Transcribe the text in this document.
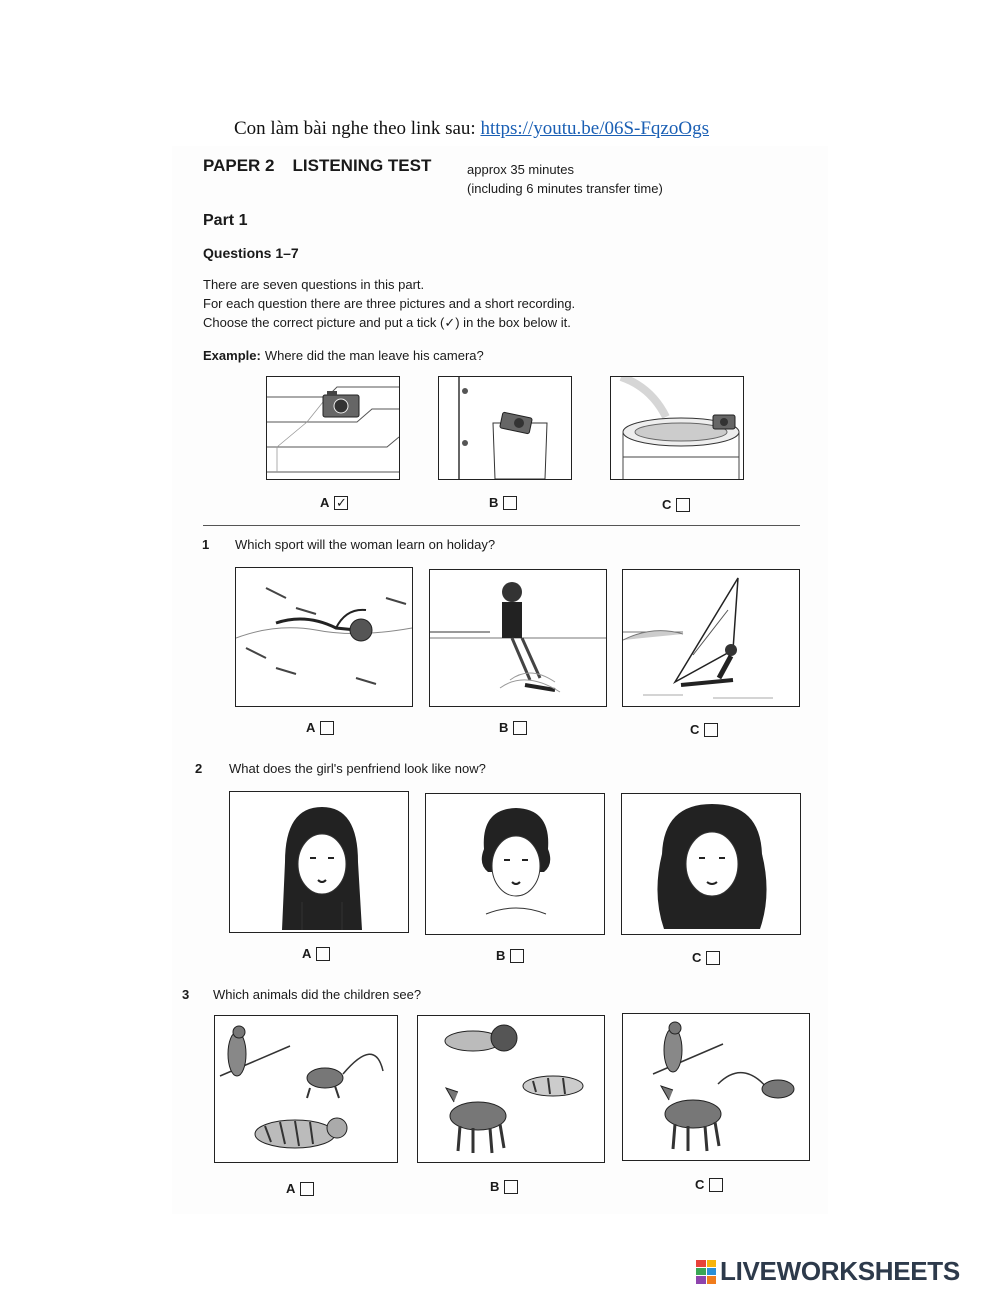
Con làm bài nghe theo link sau: https://youtu.be/06S-FqzoOgs
PAPER 2 LISTENING TEST	approx 35 minutes
(including 6 minutes transfer time)
Part 1
Questions 1–7
There are seven questions in this part.
For each question there are three pictures and a short recording.
Choose the correct picture and put a tick (✓) in the box below it.
Example: Where did the man leave his camera?
A ✓	B	C
1 Which sport will the woman learn on holiday?
A	B	C
2 What does the girl's penfriend look like now?
A	B	C
3 Which animals did the children see?
A	B	C
LIVEWORKSHEETS
